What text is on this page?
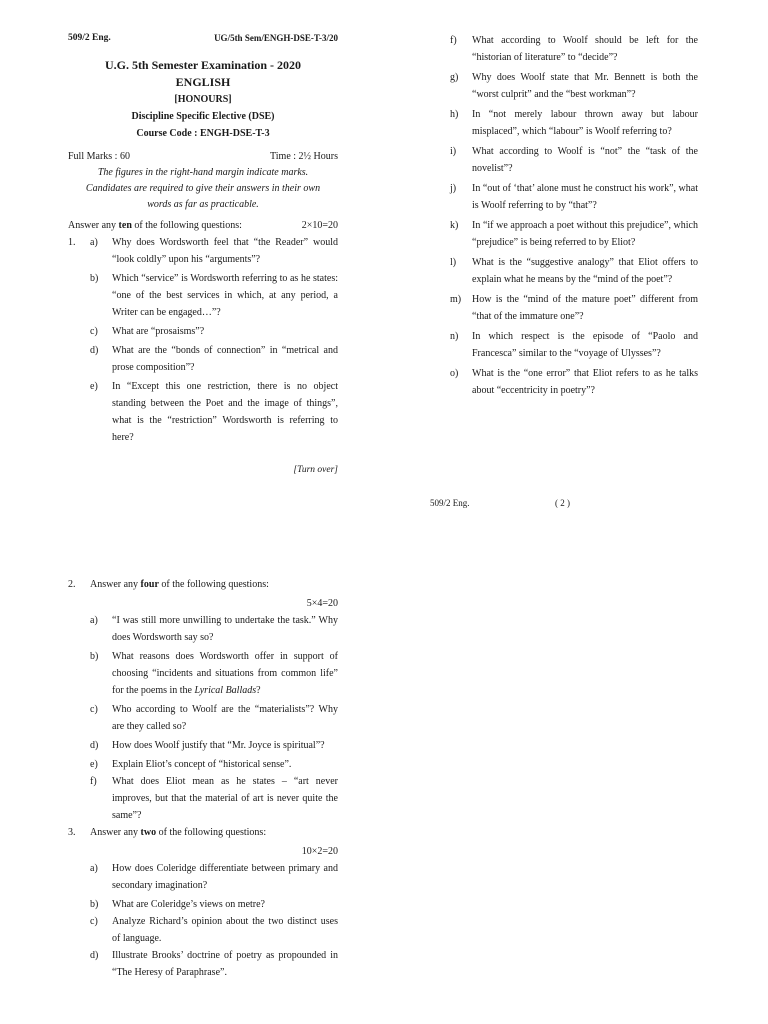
509/2 Eng.	UG/5th Sem/ENGH-DSE-T-3/20
U.G. 5th Semester Examination - 2020
ENGLISH
[HONOURS]
Discipline Specific Elective (DSE)
Course Code : ENGH-DSE-T-3
Full Marks : 60	Time : 2½ Hours
The figures in the right-hand margin indicate marks.
Candidates are required to give their answers in their own words as far as practicable.
Answer any ten of the following questions:	2×10=20
1.	a)	Why does Wordsworth feel that “the Reader” would “look coldly” upon his “arguments”?
b)	Which “service” is Wordsworth referring to as he states: “one of the best services in which, at any period, a Writer can be engaged…”?
c)	What are “prosaisms”?
d)	What are the “bonds of connection” in “metrical and prose composition”?
e)	In “Except this one restriction, there is no object standing between the Poet and the image of things”, what is the “restriction” Wordsworth is referring to here?
[Turn over]
f)	What according to Woolf should be left for the “historian of literature” to “decide”?
g)	Why does Woolf state that Mr. Bennett is both the “worst culprit” and the “best workman”?
h)	In “not merely labour thrown away but labour misplaced”, which “labour” is Woolf referring to?
i)	What according to Woolf is “not” the “task of the novelist”?
j)	In “out of ‘that’ alone must he construct his work”, what is Woolf referring to by “that”?
k)	In “if we approach a poet without this prejudice”, which “prejudice” is being referred to by Eliot?
l)	What is the “suggestive analogy” that Eliot offers to explain what he means by the “mind of the poet”?
m)	How is the “mind of the mature poet” different from “that of the immature one”?
n)	In which respect is the episode of “Paolo and Francesca” similar to the “voyage of Ulysses”?
o)	What is the “one error” that Eliot refers to as he talks about “eccentricity in poetry”?
509/2 Eng.	( 2 )
2.	Answer any four of the following questions:
5×4=20
a)	“I was still more unwilling to undertake the task.” Why does Wordsworth say so?
b)	What reasons does Wordsworth offer in support of choosing “incidents and situations from common life” for the poems in the Lyrical Ballads?
c)	Who according to Woolf are the “materialists”? Why are they called so?
d)	How does Woolf justify that “Mr. Joyce is spiritual”?
e)	Explain Eliot’s concept of “historical sense”.
f)	What does Eliot mean as he states – “art never improves, but that the material of art is never quite the same”?
3.	Answer any two of the following questions:
10×2=20
a)	How does Coleridge differentiate between primary and secondary imagination?
b)	What are Coleridge’s views on metre?
c)	Analyze Richard’s opinion about the two distinct uses of language.
d)	Illustrate Brooks’ doctrine of poetry as propounded in “The Heresy of Paraphrase”.
